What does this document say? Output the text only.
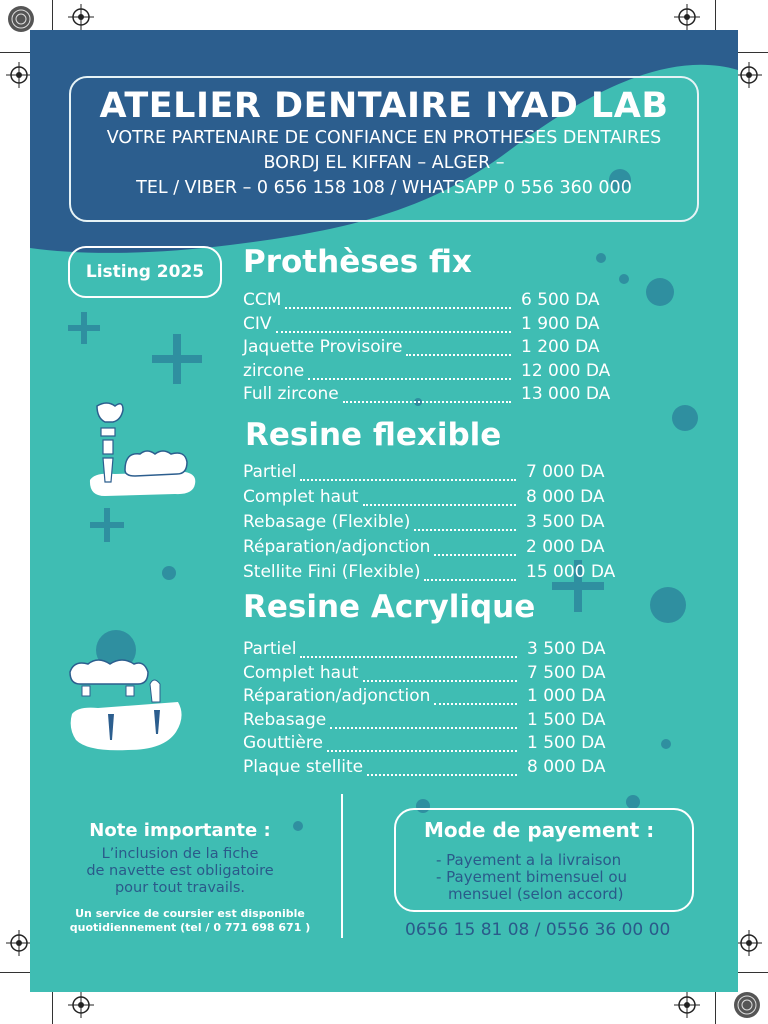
ATELIER DENTAIRE IYAD LAB
VOTRE PARTENAIRE DE CONFIANCE EN PROTHESES DENTAIRES
BORDJ EL KIFFAN – ALGER –
TEL / VIBER – 0 656 158 108 / WHATSAPP 0 556 360 000
Listing 2025	Prothèses fix
Resine flexible
Resine Acrylique
CCM	6 500 DA
CIV	1 900 DA
Jaquette Provisoire	1 200 DA
zircone	12 000 DA
Full zircone	13 000 DA
Partiel	7 000 DA
Complet haut	8 000 DA
Rebasage (Flexible)	3 500 DA
Réparation/adjonction	2 000 DA
Stellite Fini (Flexible)	15 000 DA
Partiel	3 500 DA
Complet haut	7 500 DA
Réparation/adjonction	1 000 DA
Rebasage	1 500 DA
Gouttière	1 500 DA
Plaque stellite	8 000 DA
Note importante :
L’inclusion de la fiche
de navette est obligatoire
pour tout travails.
Un service de coursier est disponible
quotidiennement (tel / 0 771 698 671 )
Mode de payement :
- Payement a la livraison
- Payement bimensuel ou
mensuel (selon accord)
0656 15 81 08 / 0556 36 00 00
